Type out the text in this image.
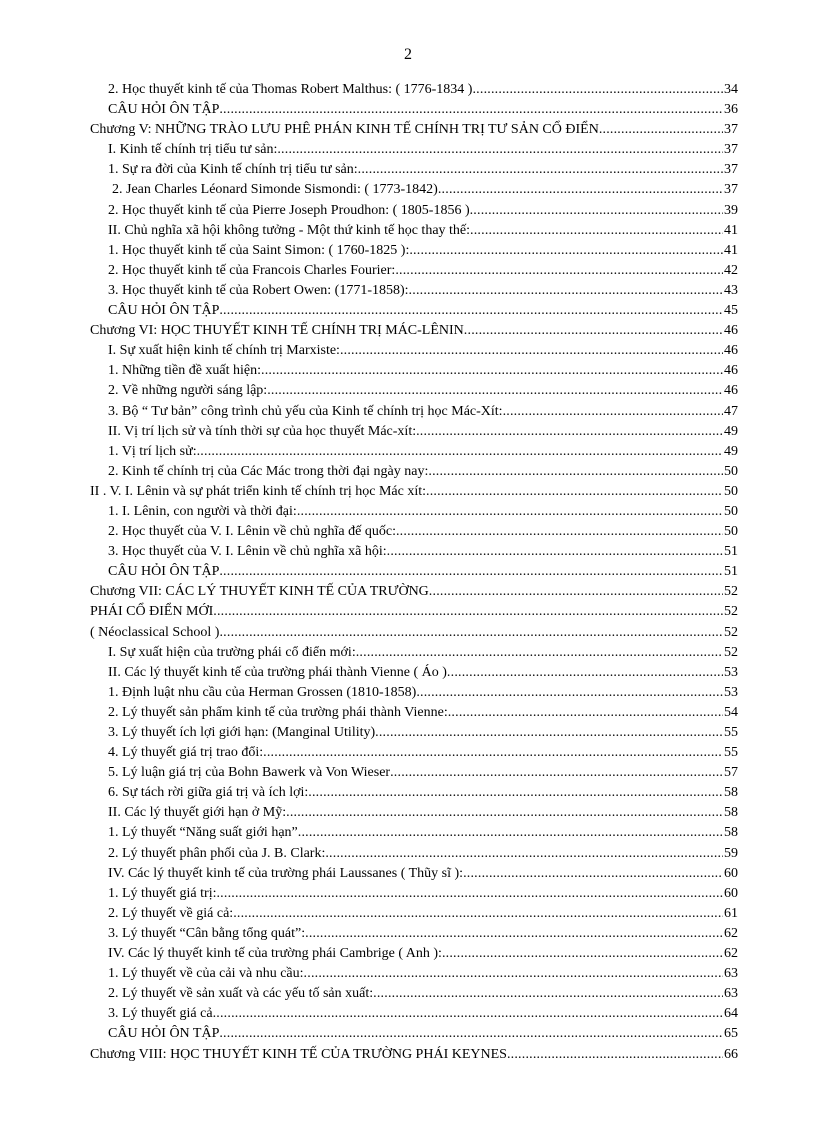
2
2. Học thuyết kinh tế của Thomas Robert Malthus: ( 1776-1834 ) .....	34
CÂU HỎI ÔN TẬP .....	36
Chương V: NHỮNG TRÀO LƯU PHÊ PHÁN KINH TẾ CHÍNH TRỊ TƯ SẢN CỔ ĐIỂN .....	37
I. Kinh tế chính trị tiểu tư sản: .....	37
1. Sự ra đời của Kinh tế chính trị tiểu tư sản: .....	37
2. Jean Charles Léonard Simonde Sismondi: ( 1773-1842) .....	37
2. Học thuyết kinh tế của Pierre Joseph Proudhon: ( 1805-1856 ) .....	39
II. Chủ nghĩa xã hội không tưởng - Một thứ kinh tế học thay thế: .....	41
1. Học thuyết kinh tế của Saint Simon: ( 1760-1825 ): .....	41
2. Học thuyết kinh tế của Francois Charles Fourier: .....	42
3. Học thuyết kinh tế của Robert Owen: (1771-1858): .....	43
CÂU HỎI ÔN TẬP .....	45
Chương VI: HỌC THUYẾT KINH TẾ CHÍNH TRỊ MÁC-LÊNIN .....	46
I. Sự xuất hiện kinh tế chính trị Marxiste: .....	46
1. Những tiền đề xuất hiện: .....	46
2. Về những người sáng lập: .....	46
3. Bộ “ Tư bản” công trình chủ yếu của Kinh tế chính trị học Mác-Xít: .....	47
II. Vị trí lịch sử và tính thời sự của học thuyết Mác-xít: .....	49
1. Vị trí lịch sử: .....	49
2. Kinh tế chính trị của Các Mác trong thời đại ngày nay: .....	50
II . V. I. Lênin và sự phát triển kinh tế chính trị học Mác xít: .....	50
1. I. Lênin, con người và thời đại: .....	50
2. Học thuyết của V. I. Lênin về chủ nghĩa đế quốc: .....	50
3. Học thuyết của V. I. Lênin về chủ nghĩa xã hội: .....	51
CÂU HỎI ÔN TẬP .....	51
Chương VII: CÁC LÝ THUYẾT KINH TẾ CỦA TRƯỜNG .....	52
PHÁI CỔ ĐIỂN MỚI .....	52
( Néoclassical School ) .....	52
I. Sự xuất hiện của trường phái cổ điển mới: .....	52
II. Các lý thuyết kinh tế của trường phái thành Vienne ( Áo ) .....	53
1. Định luật nhu cầu của Herman Grossen (1810-1858) .....	53
2. Lý thuyết sản phẩm kinh tế của trường phái thành Vienne: .....	54
3. Lý thuyết ích lợi giới hạn: (Manginal Utility) .....	55
4. Lý thuyết giá trị trao đổi: .....	55
5. Lý luận giá trị của Bohn Bawerk và Von Wieser .....	57
6. Sự tách rời giữa giá trị và ích lợi: .....	58
II. Các lý thuyết giới hạn ở Mỹ: .....	58
1. Lý thuyết “Năng suất giới hạn” .....	58
2. Lý thuyết phân phối của J. B. Clark: .....	59
IV. Các lý thuyết kinh tế của trường phái Laussanes ( Thũy sĩ ): .....	60
1. Lý thuyết giá trị: .....	60
2. Lý thuyết về giá cả: .....	61
3. Lý thuyết “Cân bằng tổng quát”: .....	62
IV. Các lý thuyết kinh tế của trường phái Cambrige ( Anh ): .....	62
1. Lý thuyết về của cải và nhu cầu: .....	63
2. Lý thuyết về sản xuất và các yếu tố sản xuất: .....	63
3. Lý thuyết giá cả .....	64
CÂU HỎI ÔN TẬP .....	65
Chương VIII: HỌC THUYẾT KINH TẾ CỦA TRƯỜNG PHÁI KEYNES .....	66
